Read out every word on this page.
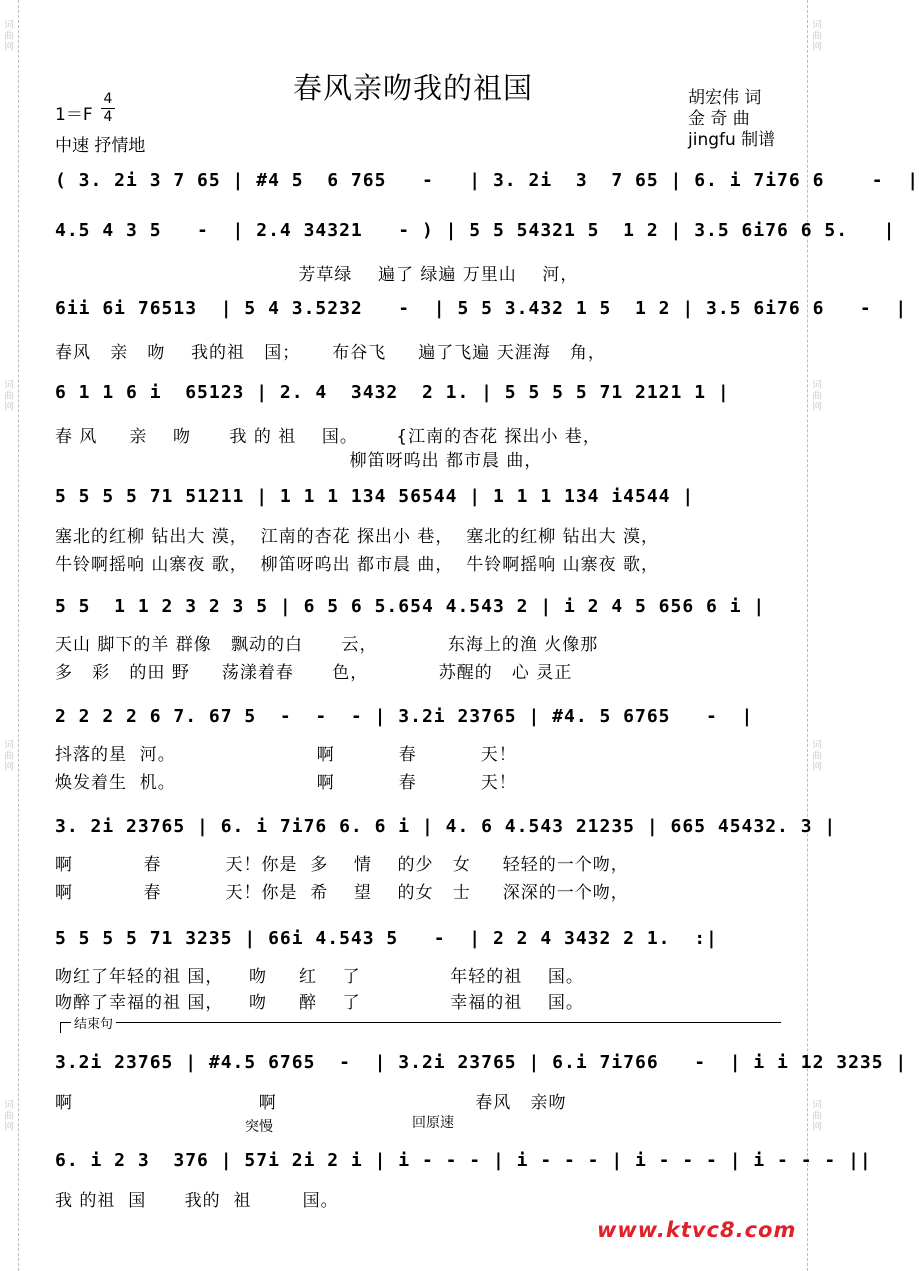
词
曲
网
词
曲
网
词
曲
网
词
曲
网
词
曲
网
词
曲
网
词
曲
网
词
曲
网
春风亲吻我的祖国
1＝F
4
4
中速 抒情地
胡宏伟 词
金 奇 曲
jingfu 制谱
( 3. 2i 3 7 65 | #4 5  6 765   -   | 3. 2i  3  7 65 | 6. i 7i76 6    -  |
4.5 4 3 5   -  | 2.4 34321   - ) | 5 5 54321 5  1 2 | 3.5 6i76 6 5.   |
芳草绿    遍了 绿遍 万里山    河，
6ii 6i 76513  | 5 4 3.5232   -  | 5 5 3.432 1 5  1 2 | 3.5 6i76 6   -  |
春风   亲   吻    我的祖   国；     布谷飞     遍了飞遍 天涯海   角，
6 1 1 6 i  65123 | 2. 4  3432  2 1. | 5 5 5 5 71 2121 1 |
春 风     亲    吻      我 的 祖    国。      {江南的杏花 探出小 巷，
柳笛呀呜出 都市晨 曲，
5 5 5 5 71 51211 | 1 1 1 134 56544 | 1 1 1 134 i4544 |
塞北的红柳 钻出大 漠，  江南的杏花 探出小 巷，  塞北的红柳 钻出大 漠，
牛铃啊摇响 山寨夜 歌，  柳笛呀呜出 都市晨 曲，  牛铃啊摇响 山寨夜 歌，
5 5  1 1 2 3 2 3 5 | 6 5 6 5.654 4.543 2 | i 2 4 5 656 6 i |
天山 脚下的羊 群像   飘动的白      云，           东海上的渔 火像那
多   彩   的田 野     荡漾着春      色，           苏醒的   心 灵正
2 2 2 2 6 7. 67 5  -  -  - | 3.2i 23765 | #4. 5 6765   -  |
抖落的星  河。                      啊          春          天！
焕发着生  机。                      啊          春          天！
3. 2i 23765 | 6. i 7i76 6. 6 i | 4. 6 4.543 21235 | 665 45432. 3 |
啊           春          天！你是  多    情    的少   女     轻轻的一个吻，
啊           春          天！你是  希    望    的女   士     深深的一个吻，
5 5 5 5 71 3235 | 66i 4.543 5   -  | 2 2 4 3432 2 1.  :|
吻红了年轻的祖 国，    吻     红    了              年轻的祖    国。
吻醉了幸福的祖 国，    吻     醉    了              幸福的祖    国。
结束句
3.2i 23765 | #4.5 6765  -  | 3.2i 23765 | 6.i 7i766   -  | i i 12 3235 |
啊                             啊                               春风   亲吻
突慢	回原速
6. i 2 3  376 | 57i 2i 2 i | i - - - | i - - - | i - - - | i - - - ||
我 的祖  国      我的  祖        国。
www.ktvc8.com
